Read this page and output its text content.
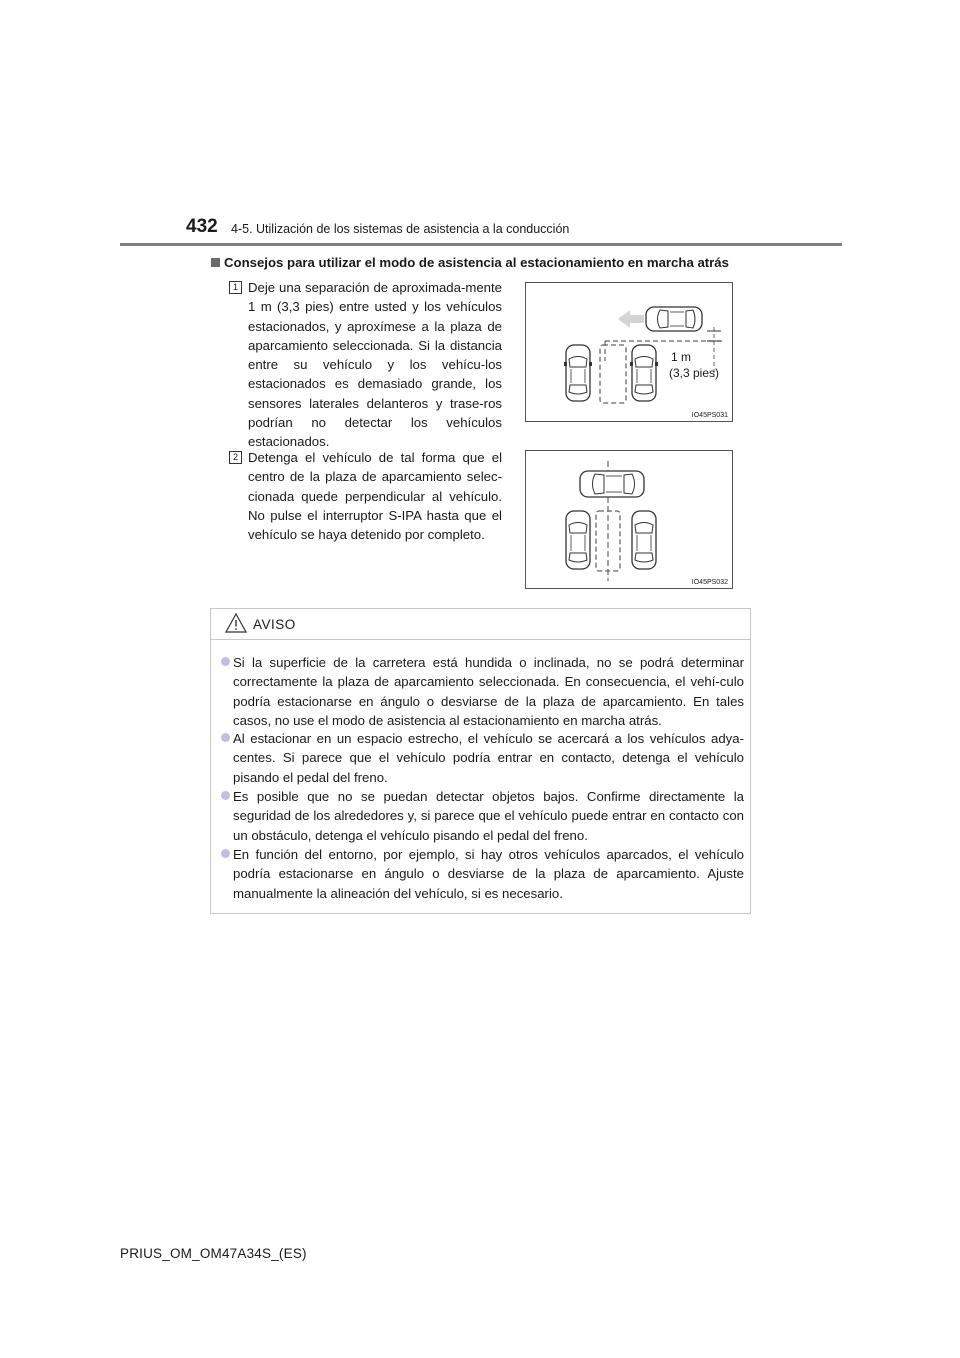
432 4-5. Utilización de los sistemas de asistencia a la conducción
Consejos para utilizar el modo de asistencia al estacionamiento en marcha atrás
1 Deje una separación de aproximada-mente 1 m (3,3 pies) entre usted y los vehículos estacionados, y aproxímese a la plaza de aparcamiento seleccionada. Si la distancia entre su vehículo y los vehícu-los estacionados es demasiado grande, los sensores laterales delanteros y trase-ros podrían no detectar los vehículos estacionados.
1 m
(3,3 pies)
IO45PS031
2 Detenga el vehículo de tal forma que el centro de la plaza de aparcamiento selec-cionada quede perpendicular al vehículo. No pulse el interruptor S-IPA hasta que el vehículo se haya detenido por completo.
IO45PS032
AVISO
Si la superficie de la carretera está hundida o inclinada, no se podrá determinar correctamente la plaza de aparcamiento seleccionada. En consecuencia, el vehí-culo podría estacionarse en ángulo o desviarse de la plaza de aparcamiento. En tales casos, no use el modo de asistencia al estacionamiento en marcha atrás.
Al estacionar en un espacio estrecho, el vehículo se acercará a los vehículos adya-centes. Si parece que el vehículo podría entrar en contacto, detenga el vehículo pisando el pedal del freno.
Es posible que no se puedan detectar objetos bajos. Confirme directamente la seguridad de los alrededores y, si parece que el vehículo puede entrar en contacto con un obstáculo, detenga el vehículo pisando el pedal del freno.
En función del entorno, por ejemplo, si hay otros vehículos aparcados, el vehículo podría estacionarse en ángulo o desviarse de la plaza de aparcamiento. Ajuste manualmente la alineación del vehículo, si es necesario.
PRIUS_OM_OM47A34S_(ES)
